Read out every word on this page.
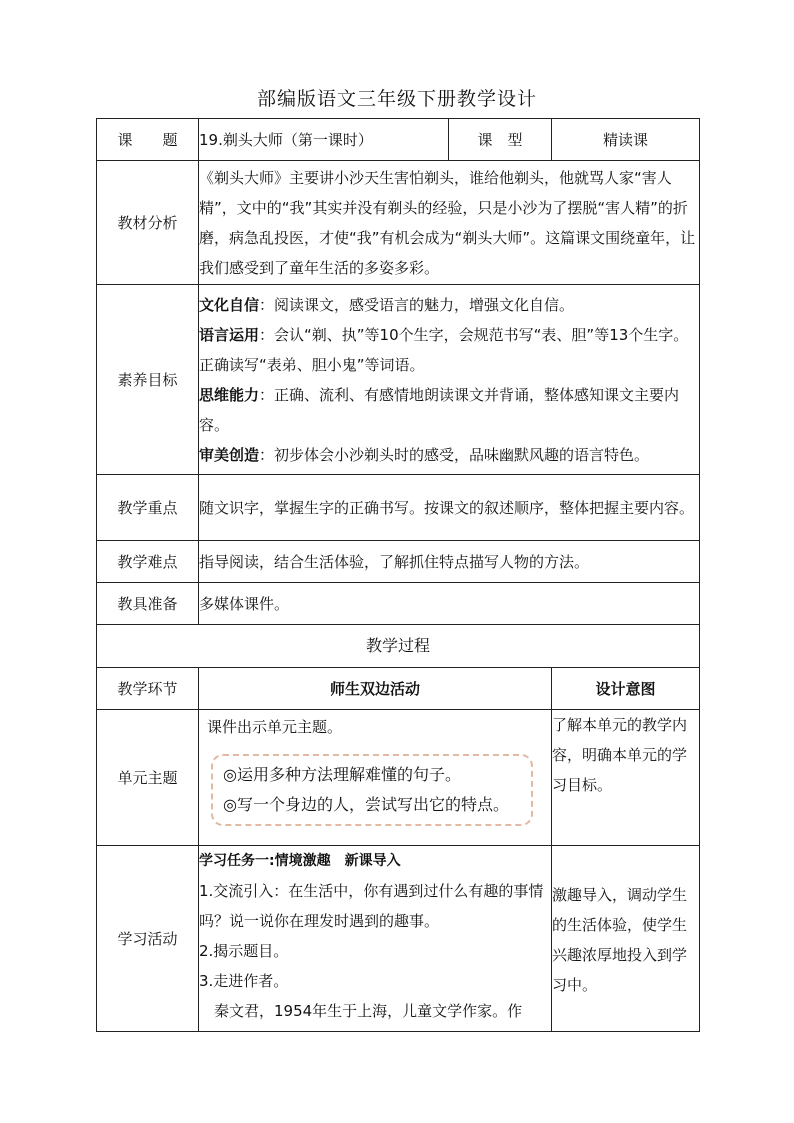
部编版语文三年级下册教学设计
课　　题	19.剃头大师（第一课时）	课　型	精读课
教材分析	《剃头大师》主要讲小沙天生害怕剃头，谁给他剃头，他就骂人家“害人精”，文中的“我”其实并没有剃头的经验，只是小沙为了摆脱“害人精”的折磨，病急乱投医，才使“我”有机会成为“剃头大师”。这篇课文围绕童年，让我们感受到了童年生活的多姿多彩。		
素养目标	文化自信：阅读课文，感受语言的魅力，增强文化自信。
语言运用：会认“剃、执”等10个生字，会规范书写“表、胆”等13个生字。正确读写“表弟、胆小鬼”等词语。
思维能力：正确、流利、有感情地朗读课文并背诵，整体感知课文主要内容。
审美创造：初步体会小沙剃头时的感受，品味幽默风趣的语言特色。		

教学重点	随文识字，掌握生字的正确书写。按课文的叙述顺序，整体把握主要内容。		
教学难点	指导阅读，结合生活体验，了解抓住特点描写人物的方法。		
教具准备	多媒体课件。		
教学过程			
教学环节	师生双边活动		设计意图
单元主题	课件出示单元主题。
◎运用多种方法理解难懂的句子。
◎写一个身边的人，尝试写出它的特点。		了解本单元的教学内容，明确本单元的学习目标。
学习活动	学习任务一:情境激趣　新课导入
1.交流引入：在生活中，你有遇到过什么有趣的事情吗？说一说你在理发时遇到的趣事。
2.揭示题目。
3.走进作者。
　秦文君，1954年生于上海，儿童文学作家。作		激趣导入，调动学生的生活体验，使学生兴趣浓厚地投入到学习中。
